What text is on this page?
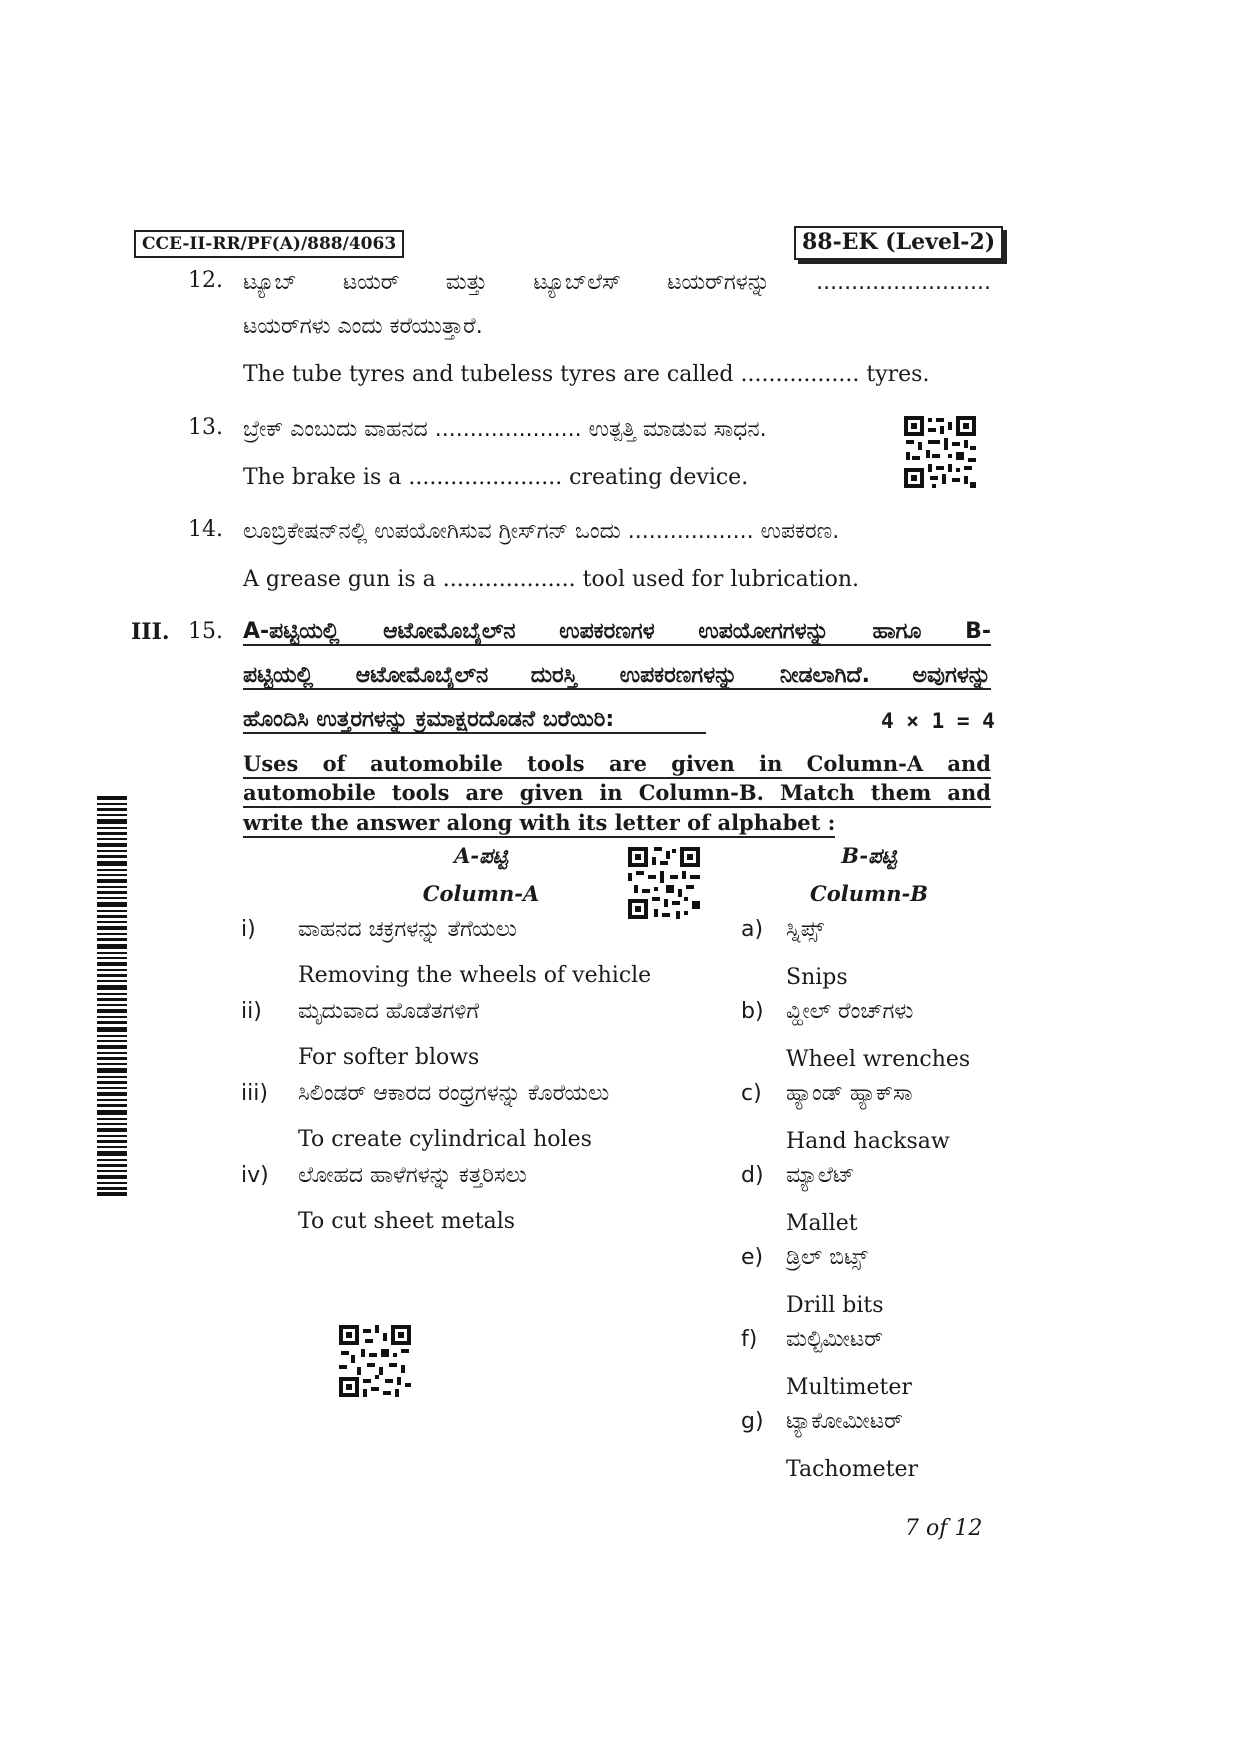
CCE-II-RR/PF(A)/888/4063	88-EK (Level-2)
12. ಟ್ಯೂಬ್ ಟಯರ್ ಮತ್ತು ಟ್ಯೂಬ್‌ಲೆಸ್ ಟಯರ್‌ಗಳನ್ನು .........................
ಟಯರ್‌ಗಳು ಎಂದು ಕರೆಯುತ್ತಾರೆ.
The tube tyres and tubeless tyres are called ................. tyres.
13. ಬ್ರೇಕ್ ಎಂಬುದು ವಾಹನದ ..................... ಉತ್ಪತ್ತಿ ಮಾಡುವ ಸಾಧನ.
The brake is a ...................... creating device.
14. ಲೂಬ್ರಿಕೇಷನ್‌ನಲ್ಲಿ ಉಪಯೋಗಿಸುವ ಗ್ರೀಸ್‌ಗನ್ ಒಂದು .................. ಉಪಕರಣ.
A grease gun is a ................... tool used for lubrication.
III. 15. A-ಪಟ್ಟಿಯಲ್ಲಿ ಆಟೋಮೊಬೈಲ್‌ನ ಉಪಕರಣಗಳ ಉಪಯೋಗಗಳನ್ನು ಹಾಗೂ B-
ಪಟ್ಟಿಯಲ್ಲಿ ಆಟೋಮೊಬೈಲ್‌ನ ದುರಸ್ತಿ ಉಪಕರಣಗಳನ್ನು ನೀಡಲಾಗಿದೆ. ಅವುಗಳನ್ನು
ಹೊಂದಿಸಿ ಉತ್ತರಗಳನ್ನು ಕ್ರಮಾಕ್ಷರದೊಡನೆ ಬರೆಯಿರಿ:	4 × 1 = 4
Uses of automobile tools are given in Column-A and
automobile tools are given in Column-B. Match them and
write the answer along with its letter of alphabet :
A-ಪಟ್ಟಿ
Column-A
B-ಪಟ್ಟಿ
Column-B
i) ವಾಹನದ ಚಕ್ರಗಳನ್ನು ತೆಗೆಯಲು
Removing the wheels of vehicle
ii) ಮೃದುವಾದ ಹೊಡೆತಗಳಿಗೆ
For softer blows
iii) ಸಿಲಿಂಡರ್ ಆಕಾರದ ರಂಧ್ರಗಳನ್ನು ಕೊರೆಯಲು
To create cylindrical holes
iv) ಲೋಹದ ಹಾಳೆಗಳನ್ನು ಕತ್ತರಿಸಲು
To cut sheet metals
a) ಸ್ನಿಪ್ಸ್
Snips
b) ವ್ಹೀಲ್ ರೆಂಚ್‌ಗಳು
Wheel wrenches
c) ಹ್ಯಾಂಡ್ ಹ್ಯಾಕ್‌ಸಾ
Hand hacksaw
d) ಮ್ಯಾಲೆಟ್
Mallet
e) ಡ್ರಿಲ್ ಬಿಟ್ಸ್
Drill bits
f) ಮಲ್ಟಿಮೀಟರ್
Multimeter
g) ಟ್ಯಾಕೋಮೀಟರ್
Tachometer
7 of 12
